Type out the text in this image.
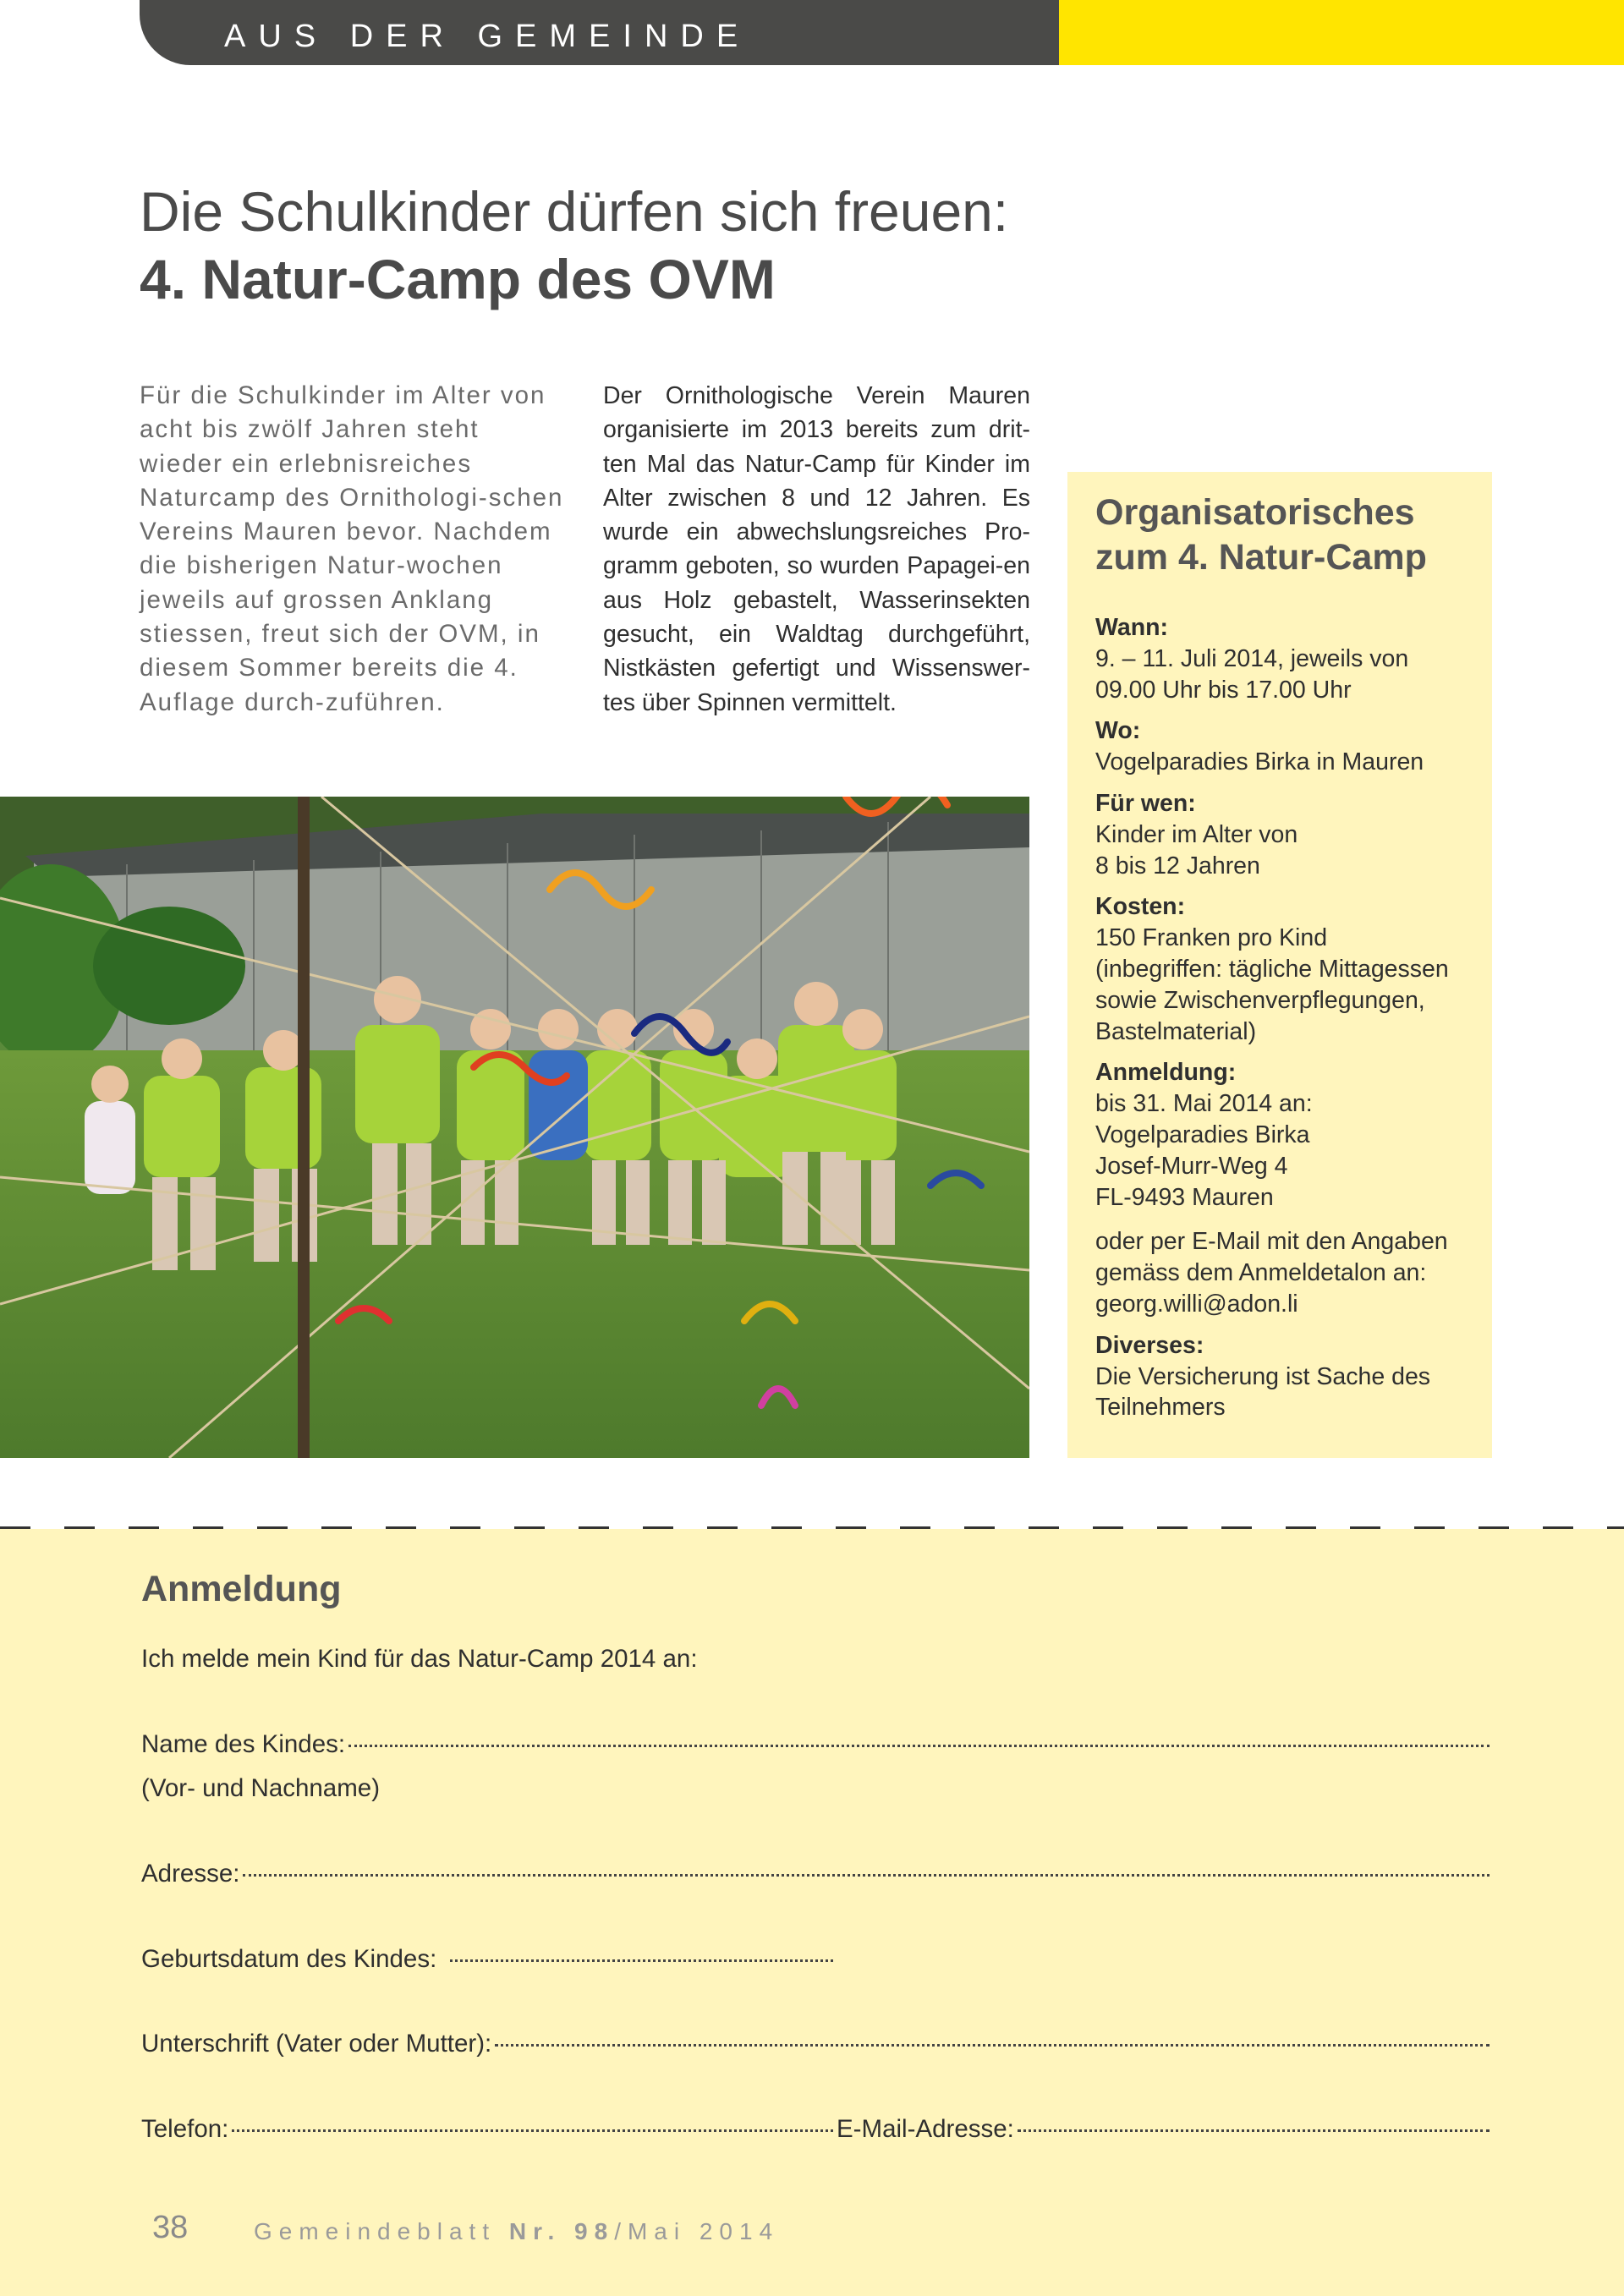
AUS DER GEMEINDE
Die Schulkinder dürfen sich freuen:
4. Natur-Camp des OVM

Für die Schulkinder im Alter von acht bis zwölf Jahren steht wieder ein erlebnisreiches Naturcamp des Ornithologi-schen Vereins Mauren bevor. Nachdem die bisherigen Natur-wochen jeweils auf grossen Anklang stiessen, freut sich der OVM, in diesem Sommer bereits die 4. Auflage durch-zuführen.

Der Ornithologische Verein Mauren organisierte im 2013 bereits zum drit-ten Mal das Natur-Camp für Kinder im Alter zwischen 8 und 12 Jahren. Es wurde ein abwechslungsreiches Pro-gramm geboten, so wurden Papagei-en aus Holz gebastelt, Wasserinsekten gesucht, ein Waldtag durchgeführt, Nistkästen gefertigt und Wissenswer-tes über Spinnen vermittelt.

Organisatorisches zum 4. Natur-Camp
Wann:
9. – 11. Juli 2014, jeweils von
09.00 Uhr bis 17.00 Uhr
Wo:
Vogelparadies Birka in Mauren
Für wen:
Kinder im Alter von
8 bis 12 Jahren
Kosten:
150 Franken pro Kind
(inbegriffen: tägliche Mittagessen
sowie Zwischenverpflegungen,
Bastelmaterial)
Anmeldung:
bis 31. Mai 2014 an:
Vogelparadies Birka
Josef-Murr-Weg 4
FL-9493 Mauren
oder per E-Mail mit den Angaben
gemäss dem Anmeldetalon an:
georg.willi@adon.li
Diverses:
Die Versicherung ist Sache des
Teilnehmers
Anmeldung
Ich melde mein Kind für das Natur-Camp 2014 an:
Name des Kindes:
(Vor- und Nachname)
Adresse:
Geburtsdatum des Kindes:
Unterschrift (Vater oder Mutter):
Telefon:	E-Mail-Adresse:
38	Gemeindeblatt Nr. 98/Mai 2014
